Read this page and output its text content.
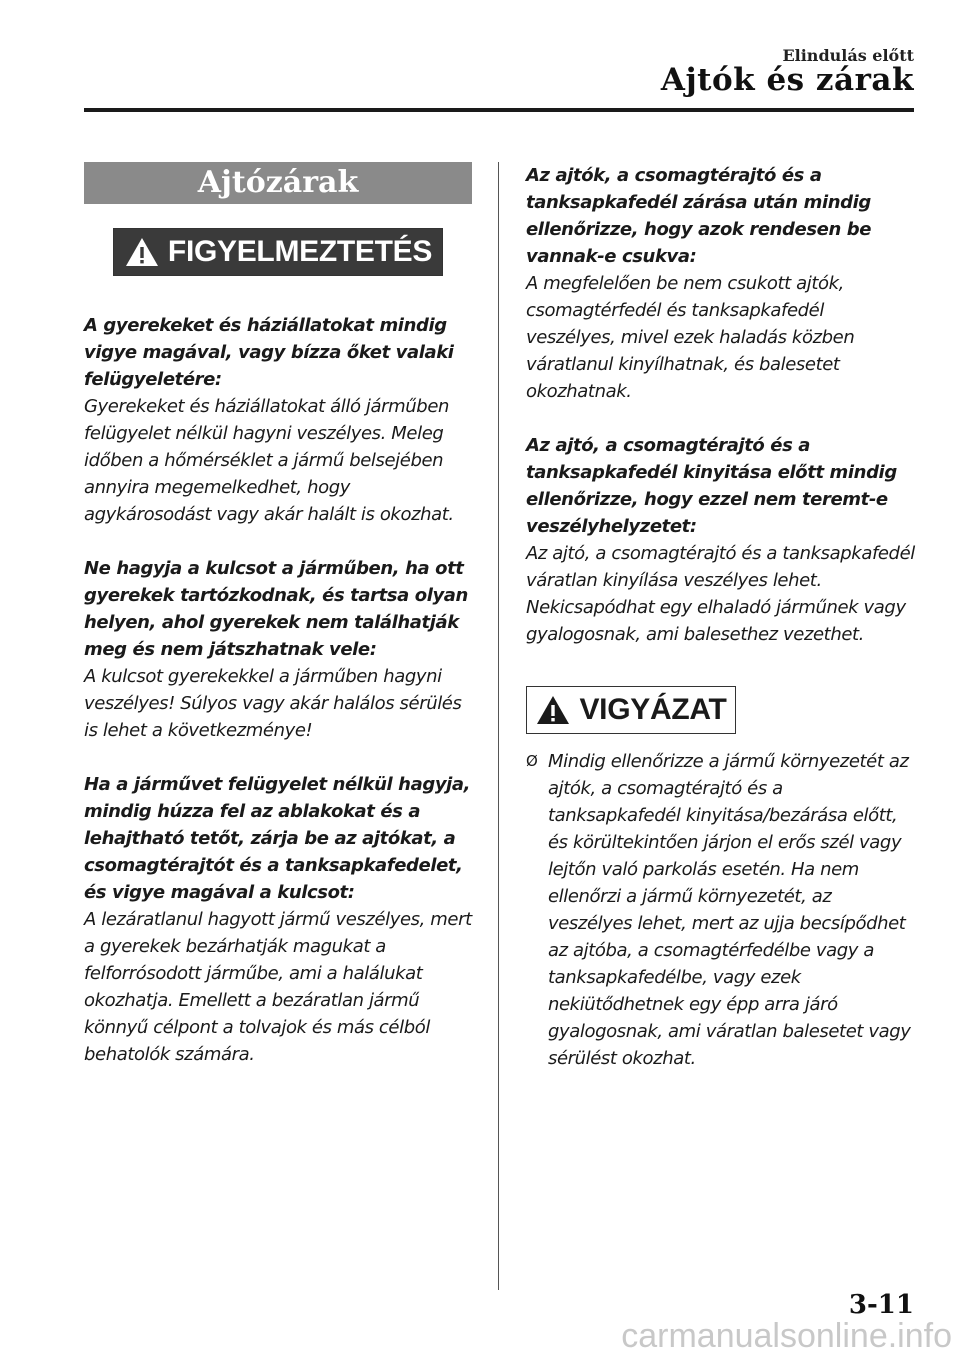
Elindulás előtt
Ajtók és zárak
Ajtózárak
FIGYELMEZTETÉS
A gyerekeket és háziállatokat mindig vigye magával, vagy bízza őket valaki felügyeletére:
Gyerekeket és háziállatokat álló járműben felügyelet nélkül hagyni veszélyes. Meleg időben a hőmérséklet a jármű belsejében annyira megemelkedhet, hogy agykárosodást vagy akár halált is okozhat.
Ne hagyja a kulcsot a járműben, ha ott gyerekek tartózkodnak, és tartsa olyan helyen, ahol gyerekek nem találhatják meg és nem játszhatnak vele:
A kulcsot gyerekekkel a járműben hagyni veszélyes! Súlyos vagy akár halálos sérülés is lehet a következménye!
Ha a járművet felügyelet nélkül hagyja, mindig húzza fel az ablakokat és a lehajtható tetőt, zárja be az ajtókat, a csomagtérajtót és a tanksapkafedelet, és vigye magával a kulcsot:
A lezáratlanul hagyott jármű veszélyes, mert a gyerekek bezárhatják magukat a felforrósodott járműbe, ami a halálukat okozhatja. Emellett a bezáratlan jármű könnyű célpont a tolvajok és más célból behatolók számára.
Az ajtók, a csomagtérajtó és a tanksapkafedél zárása után mindig ellenőrizze, hogy azok rendesen be vannak-e csukva:
A megfelelően be nem csukott ajtók, csomagtérfedél és tanksapkafedél veszélyes, mivel ezek haladás közben váratlanul kinyílhatnak, és balesetet okozhatnak.
Az ajtó, a csomagtérajtó és a tanksapkafedél kinyitása előtt mindig ellenőrizze, hogy ezzel nem teremt-e veszélyhelyzetet:
Az ajtó, a csomagtérajtó és a tanksapkafedél váratlan kinyílása veszélyes lehet. Nekicsapódhat egy elhaladó járműnek vagy gyalogosnak, ami balesethez vezethet.
VIGYÁZAT
Ø Mindig ellenőrizze a jármű környezetét az ajtók, a csomagtérajtó és a tanksapkafedél kinyitása/bezárása előtt, és körültekintően járjon el erős szél vagy lejtőn való parkolás esetén. Ha nem ellenőrzi a jármű környezetét, az veszélyes lehet, mert az ujja becsípődhet az ajtóba, a csomagtérfedélbe vagy a tanksapkafedélbe, vagy ezek nekiütődhetnek egy épp arra járó gyalogosnak, ami váratlan balesetet vagy sérülést okozhat.
3-11
carmanualsonline.info
